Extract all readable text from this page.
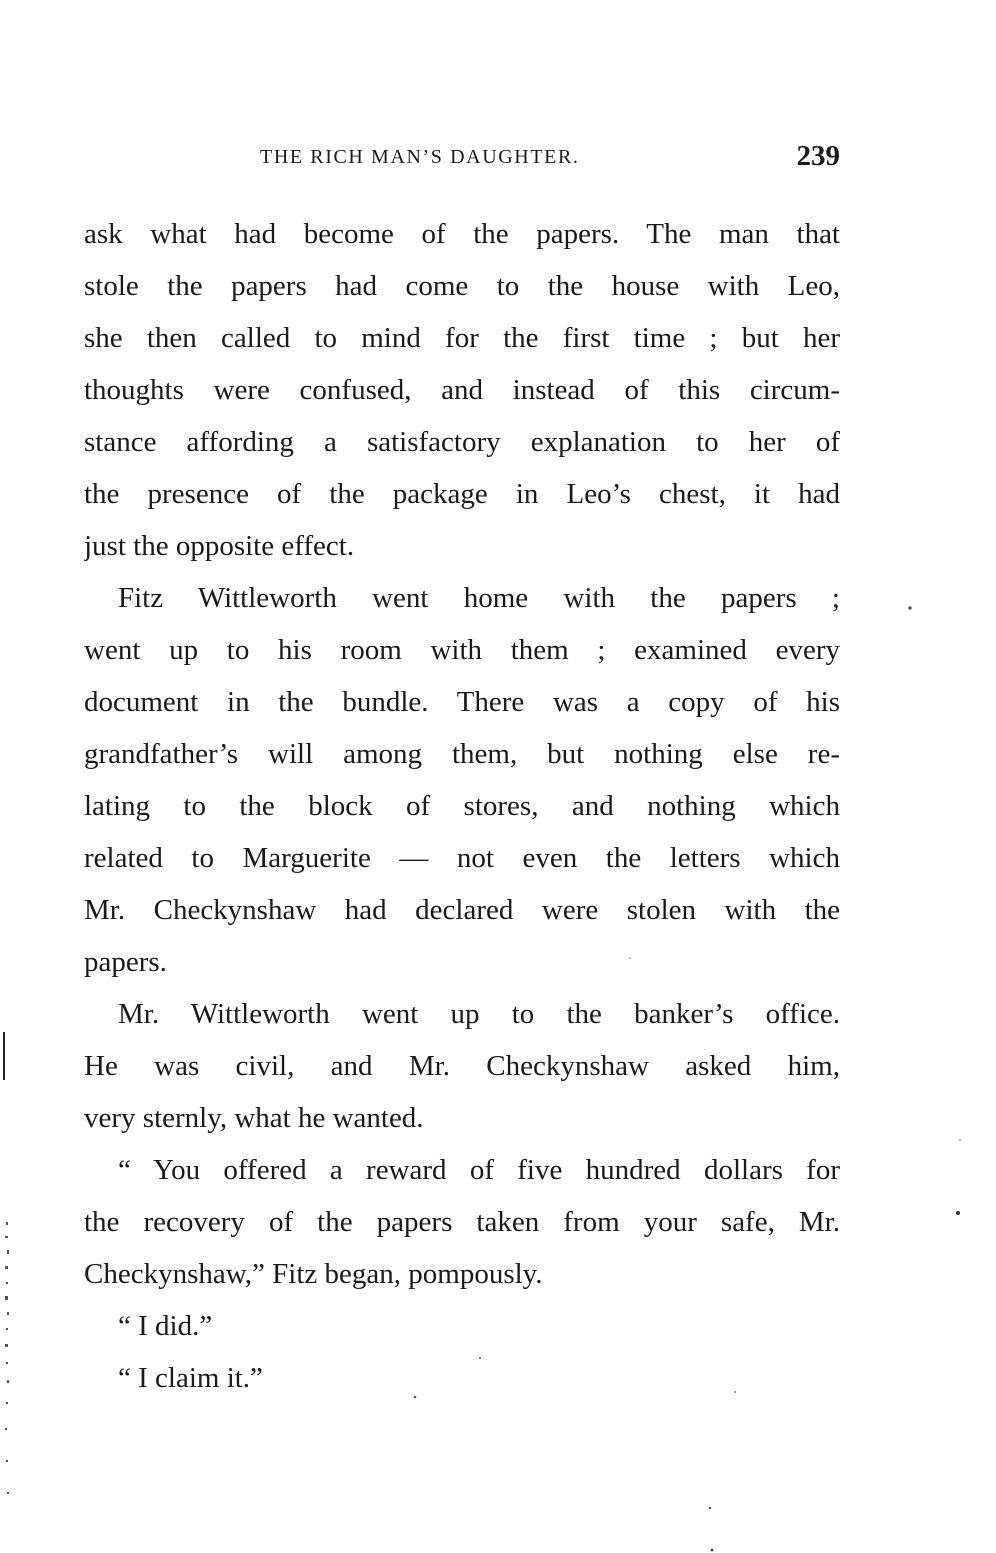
THE RICH MAN’S DAUGHTER.	239
ask what had become of the papers. The man that
stole the papers had come to the house with Leo,
she then called to mind for the first time ; but her
thoughts were confused, and instead of this circum-
stance affording a satisfactory explanation to her of
the presence of the package in Leo’s chest, it had
just the opposite effect.
Fitz Wittleworth went home with the papers ;
went up to his room with them ; examined every
document in the bundle. There was a copy of his
grandfather’s will among them, but nothing else re-
lating to the block of stores, and nothing which
related to Marguerite — not even the letters which
Mr. Checkynshaw had declared were stolen with the
papers.
Mr. Wittleworth went up to the banker’s office.
He was civil, and Mr. Checkynshaw asked him,
very sternly, what he wanted.
“ You offered a reward of five hundred dollars for
the recovery of the papers taken from your safe, Mr.
Checkynshaw,” Fitz began, pompously.
“ I did.”
“ I claim it.”
